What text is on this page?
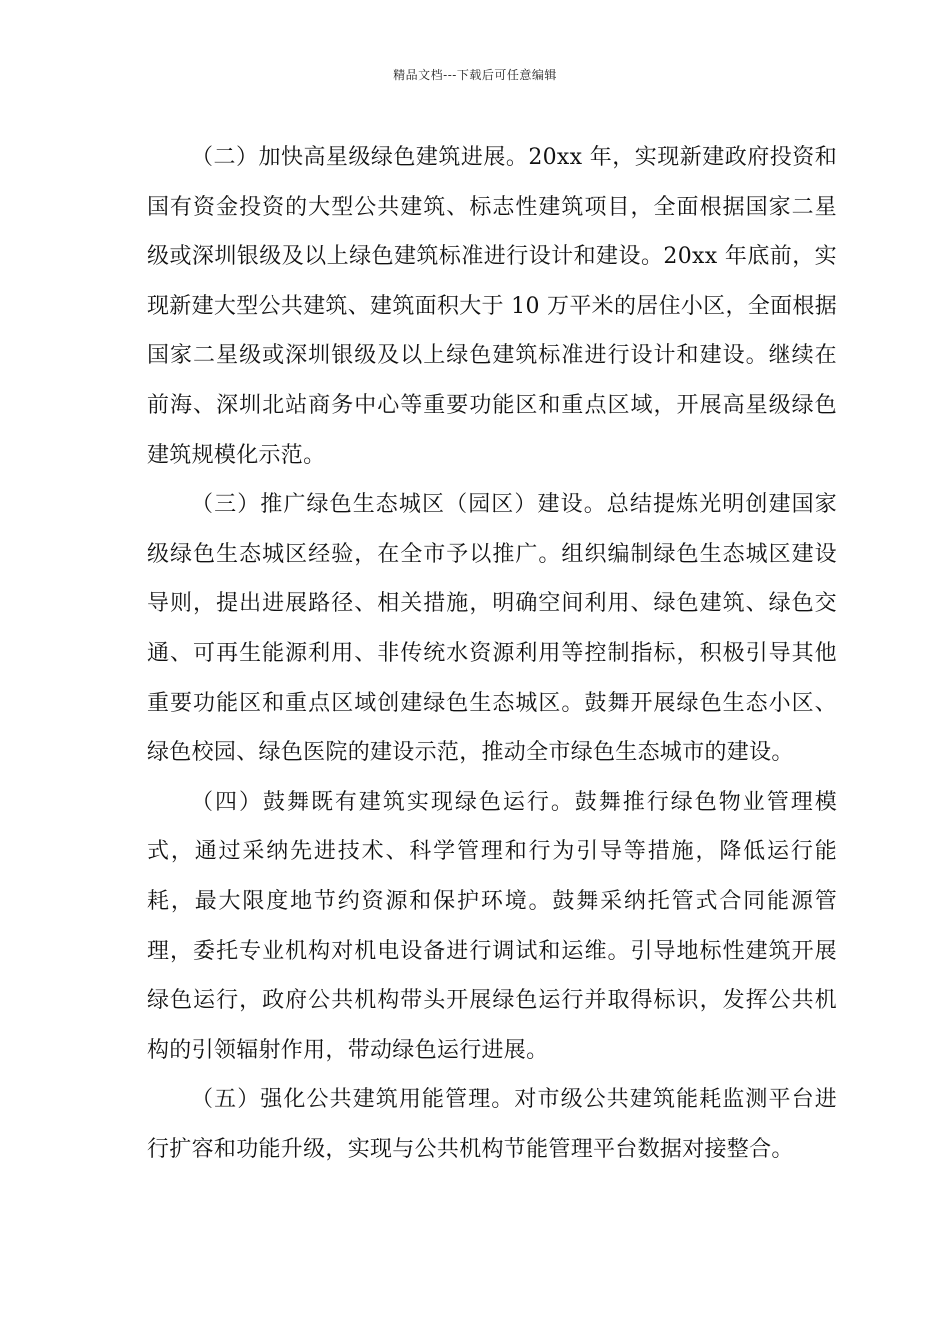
精品文档---下载后可任意编辑

（二）加快高星级绿色建筑进展。20xx 年，实现新建政府投资和国有资金投资的大型公共建筑、标志性建筑项目，全面根据国家二星级或深圳银级及以上绿色建筑标准进行设计和建设。20xx 年底前，实现新建大型公共建筑、建筑面积大于 10 万平米的居住小区，全面根据国家二星级或深圳银级及以上绿色建筑标准进行设计和建设。继续在前海、深圳北站商务中心等重要功能区和重点区域，开展高星级绿色建筑规模化示范。

（三）推广绿色生态城区（园区）建设。总结提炼光明创建国家级绿色生态城区经验，在全市予以推广。组织编制绿色生态城区建设导则，提出进展路径、相关措施，明确空间利用、绿色建筑、绿色交通、可再生能源利用、非传统水资源利用等控制指标，积极引导其他重要功能区和重点区域创建绿色生态城区。鼓舞开展绿色生态小区、绿色校园、绿色医院的建设示范，推动全市绿色生态城市的建设。

（四）鼓舞既有建筑实现绿色运行。鼓舞推行绿色物业管理模式，通过采纳先进技术、科学管理和行为引导等措施，降低运行能耗，最大限度地节约资源和保护环境。鼓舞采纳托管式合同能源管理，委托专业机构对机电设备进行调试和运维。引导地标性建筑开展绿色运行，政府公共机构带头开展绿色运行并取得标识，发挥公共机构的引领辐射作用，带动绿色运行进展。

（五）强化公共建筑用能管理。对市级公共建筑能耗监测平台进行扩容和功能升级，实现与公共机构节能管理平台数据对接整合。
